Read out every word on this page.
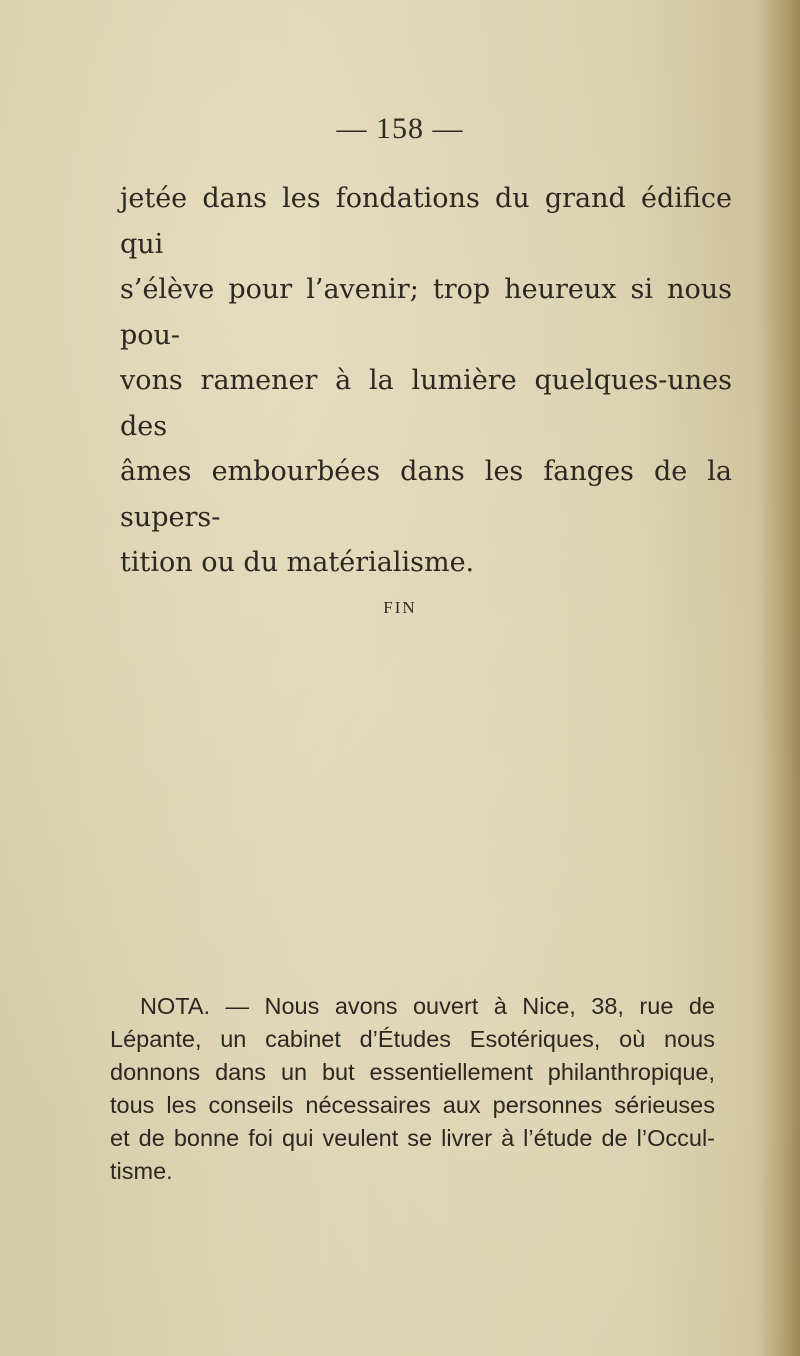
— 158 —
jetée dans les fondations du grand édifice qui
s’élève pour l’avenir; trop heureux si nous pou-
vons ramener à la lumière quelques-unes des
âmes embourbées dans les fanges de la supers-
tition ou du matérialisme.
FIN
NOTA. — Nous avons ouvert à Nice, 38, rue de
Lépante, un cabinet d’Études Esotériques, où nous
donnons dans un but essentiellement philanthropique,
tous les conseils nécessaires aux personnes sérieuses
et de bonne foi qui veulent se livrer à l’étude de l’Occul-
tisme.
